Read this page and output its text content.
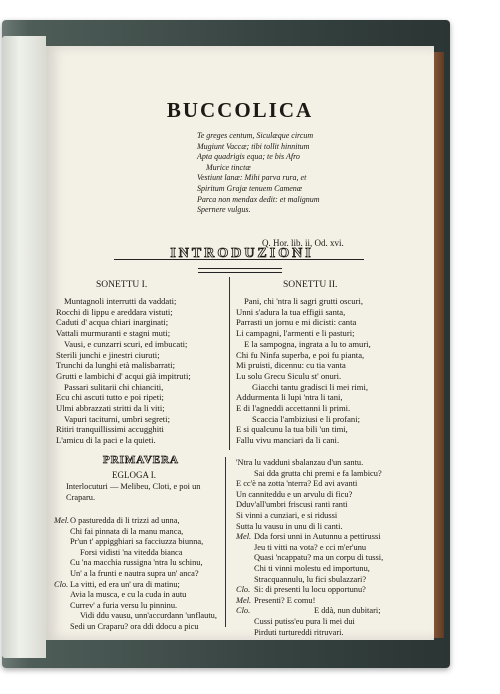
BUCCOLICA
Te greges centum, Siculæque circum
Mugiunt Vaccæ; tibi tollit hinnitum
Apta quadrigis equa; te bis Afro
Murice tinctæ
Vestiunt lanæ: Mihi parva rura, et
Spiritum Grajæ tenuem Camenæ
Parca non mendax dedit: et malignum
Spernere vulgus.
Q. Hor. lib. ii, Od. xvi.
INTRODUZIONI
SONETTU I.	SONETTU II.
Muntagnoli interrutti da vaddati;
Rocchi di lippu e areddara vistuti;
Caduti d' acqua chiari inarginati;
Vattali murmuranti e stagni muti;
Vausi, e cunzarri scuri, ed imbucati;
Sterili junchi e jinestri ciuruti;
Trunchi da lunghi età malisbarrati;
Grutti e lambichi d' acqui già impitruti;
Passari sulitarii chi chianciti,
Ecu chi ascuti tutto e poi ripeti;
Ulmi abbrazzati stritti da li viti;
Vapuri taciturni, umbri segreti;
Ritiri tranquillissimi accugghiti
L'amicu di la paci e la quieti.
Pani, chi 'ntra li sagri grutti oscuri,
Unni s'adura la tua effigii santa,
Parrasti un jornu e mi dicisti: canta
Li campagni, l'armenti e li pasturi;
E la sampogna, ingrata a lu to amuri,
Chi fu Ninfa superba, e poi fu pianta,
Mi pruisti, dicennu: cu tia vanta
Lu solu Grecu Siculu st' onuri.
Giacchi tantu gradisci li mei rimi,
Addurmenta li lupi 'ntra li tani,
E di l'agneddi accettanni li primi.
Scaccia l'ambiziusi e li profani;
E si qualcunu la tua bili 'un timi,
Fallu vivu manciari da li cani.
PRIMAVERA
EGLOGA I.
Interlocuturi — Melibeu, Cloti, e poi un Craparu.
Mel.O pasturedda di li trizzi ad unna,
Chi fai pinnata di la manu manca,
Pr'un t' appigghiari sa facciuzza biunna,
Forsi vidisti 'na vitedda bianca
Cu 'na macchia russigna 'ntra lu schinu,
Un' a la frunti e nautra supra un' anca?
Clo. La vitti, ed era un' ura di matinu;
Avia la musca, e cu la cuda in autu
Currev' a furia versu lu pinninu.
Vidi ddu vausu, unn'accurdann 'unflautu,
Sedi un Craparu? ora ddi ddocu a picu
'Ntra lu vadduni sbalanzau d'un santu.
Sai dda grutta chi premi e fa lambicu?
E cc'è na zotta 'nterra? Ed avi avanti
Un canniteddu e un arvulu di ficu?
Dduv'all'umbri friscusi ranti ranti
Si vinni a cunziari, e si ridussi
Sutta lu vausu in unu di li canti.
Mel. Dda forsi unni in Autunnu a pettirussi
Jeu ti vitti na vota? e cci m'er'unu
Quasi 'ncappatu? ma un corpu di tussi,
Chi ti vinni molestu ed importunu,
Stracquannulu, lu fici sbulazzari?
Clo. Si: di presenti lu locu opportunu?
Mel. Presenti? E comu!
Clo.	E ddà, nun dubitari;
Cussi putiss'eu pura li mei dui
Pirduti turtureddi ritruvari.
